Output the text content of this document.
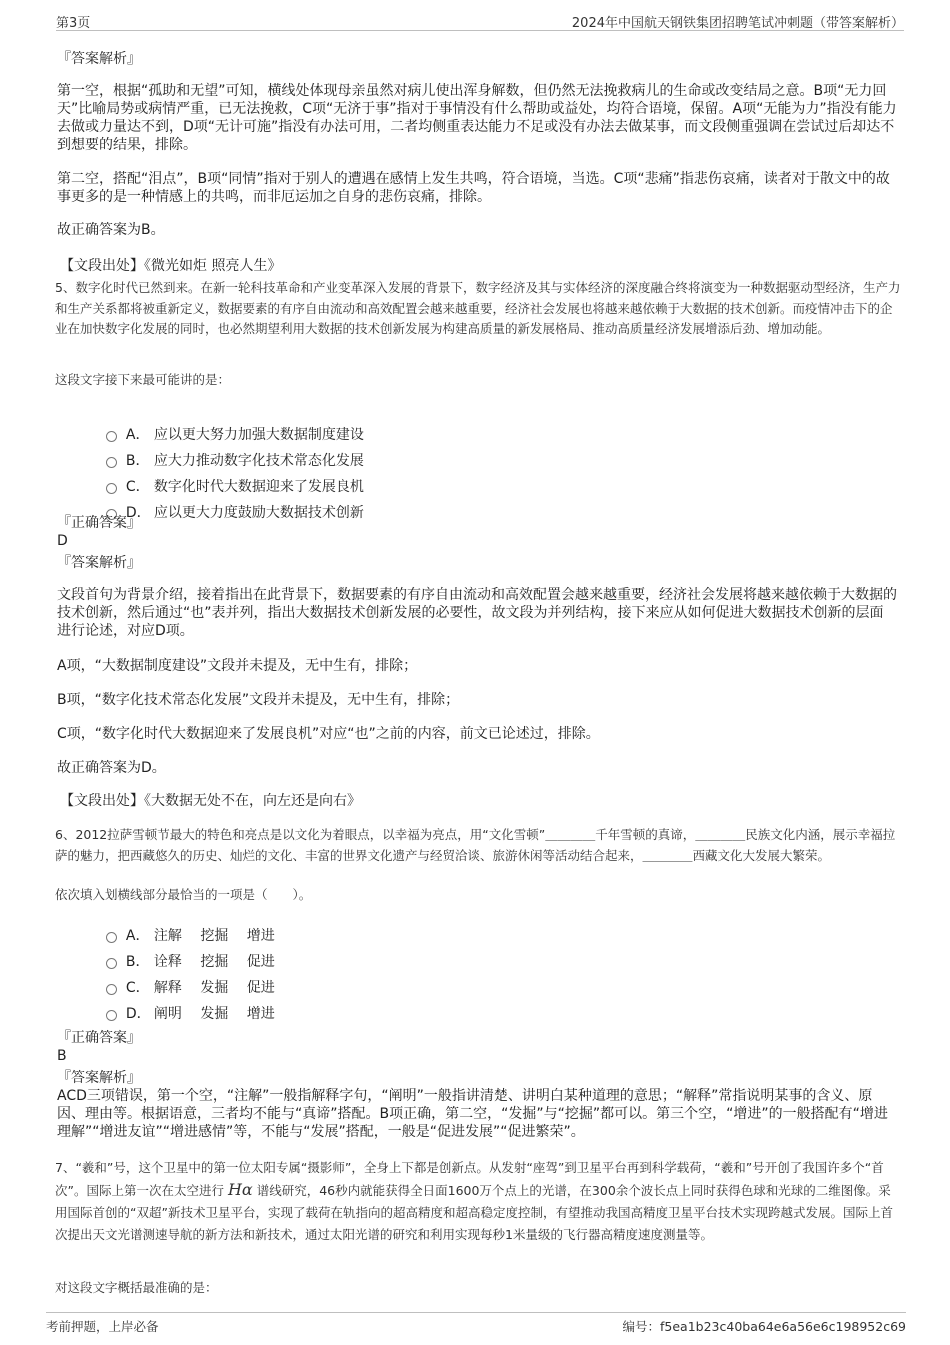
第3页	2024年中国航天钢铁集团招聘笔试冲刺题（带答案解析）
『答案解析』
第一空，根据“孤助和无望”可知，横线处体现母亲虽然对病儿使出浑身解数，但仍然无法挽救病儿的生命或改变结局之意。B项“无力回天”比喻局势或病情严重，已无法挽救，C项“无济于事”指对于事情没有什么帮助或益处，均符合语境，保留。A项“无能为力”指没有能力去做或力量达不到，D项“无计可施”指没有办法可用，二者均侧重表达能力不足或没有办法去做某事，而文段侧重强调在尝试过后却达不到想要的结果，排除。
第二空，搭配“泪点”，B项“同情”指对于别人的遭遇在感情上发生共鸣，符合语境，当选。C项“悲痛”指悲伤哀痛，读者对于散文中的故事更多的是一种情感上的共鸣，而非厄运加之自身的悲伤哀痛，排除。
故正确答案为B。
【文段出处】《微光如炬 照亮人生》
5、数字化时代已然到来。在新一轮科技革命和产业变革深入发展的背景下，数字经济及其与实体经济的深度融合终将演变为一种数据驱动型经济，生产力和生产关系都将被重新定义，数据要素的有序自由流动和高效配置会越来越重要，经济社会发展也将越来越依赖于大数据的技术创新。而疫情冲击下的企业在加快数字化发展的同时，也必然期望利用大数据的技术创新发展为构建高质量的新发展格局、推动高质量经济发展增添后劲、增加动能。
这段文字接下来最可能讲的是：

A． 应以更大努力加强大数据制度建设

B． 应大力推动数字化技术常态化发展

C． 数字化时代大数据迎来了发展良机

D． 应以更大力度鼓励大数据技术创新

『正确答案』
D
『答案解析』
文段首句为背景介绍，接着指出在此背景下，数据要素的有序自由流动和高效配置会越来越重要，经济社会发展将越来越依赖于大数据的技术创新，然后通过“也”表并列，指出大数据技术创新发展的必要性，故文段为并列结构，接下来应从如何促进大数据技术创新的层面进行论述，对应D项。
A项，“大数据制度建设”文段并未提及，无中生有，排除；
B项，“数字化技术常态化发展”文段并未提及，无中生有，排除；
C项，“数字化时代大数据迎来了发展良机”对应“也”之前的内容，前文已论述过，排除。
故正确答案为D。
【文段出处】《大数据无处不在，向左还是向右》
6、2012拉萨雪顿节最大的特色和亮点是以文化为着眼点，以幸福为亮点，用“文化雪顿”＿＿＿＿千年雪顿的真谛，＿＿＿＿民族文化内涵，展示幸福拉萨的魅力，把西藏悠久的历史、灿烂的文化、丰富的世界文化遗产与经贸洽谈、旅游休闲等活动结合起来，＿＿＿＿西藏文化大发展大繁荣。
依次填入划横线部分最恰当的一项是（　　）。

A． 注解　 挖掘　 增进

B． 诠释　 挖掘　 促进

C． 解释　 发掘　 促进

D． 阐明　 发掘　 增进

『正确答案』
B
『答案解析』
ACD三项错误，第一个空，“注解”一般指解释字句，“阐明”一般指讲清楚、讲明白某种道理的意思；“解释”常指说明某事的含义、原因、理由等。根据语意，三者均不能与“真谛”搭配。B项正确，第二空，“发掘”与“挖掘”都可以。第三个空，“增进”的一般搭配有“增进理解”“增进友谊”“增进感情”等，不能与“发展”搭配，一般是“促进发展”“促进繁荣”。
7、“羲和”号，这个卫星中的第一位太阳专属“摄影师”，全身上下都是创新点。从发射“座驾”到卫星平台再到科学载荷，“羲和”号开创了我国许多个“首次”。国际上第一次在太空进行 Hα 谱线研究，46秒内就能获得全日面1600万个点上的光谱，在300余个波长点上同时获得色球和光球的二维图像。采用国际首创的“双超”新技术卫星平台，实现了载荷在轨指向的超高精度和超高稳定度控制，有望推动我国高精度卫星平台技术实现跨越式发展。国际上首次提出天文光谱测速导航的新方法和新技术，通过太阳光谱的研究和利用实现每秒1米量级的飞行器高精度速度测量等。
对这段文字概括最准确的是：
考前押题，上岸必备	编号：f5ea1b23c40ba64e6a56e6c198952c69
